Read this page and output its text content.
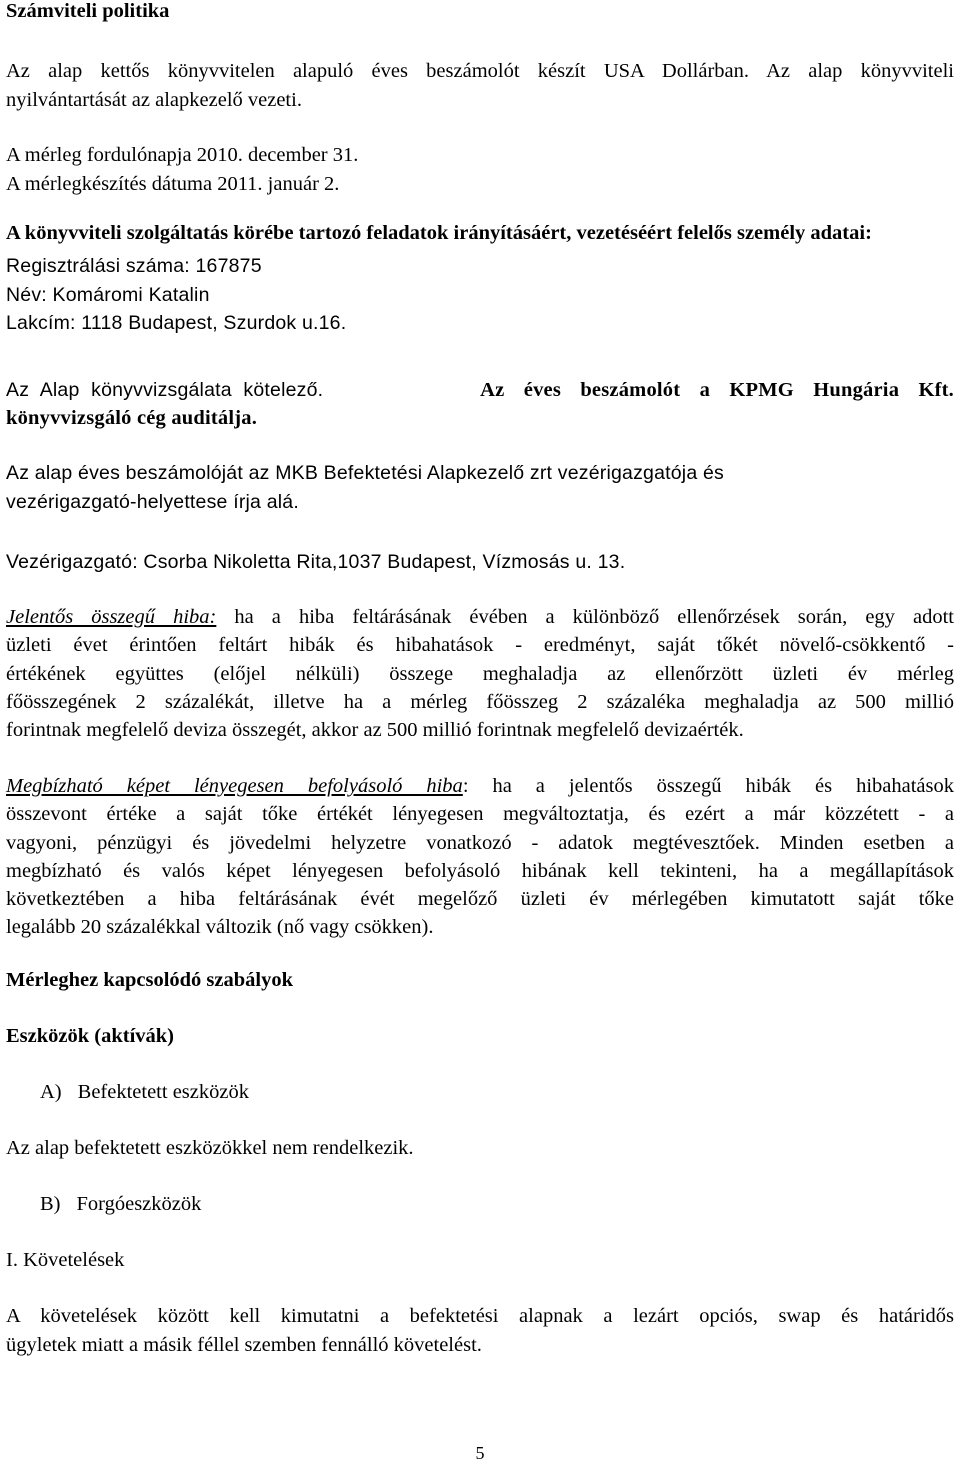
Számviteli politika
Az alap kettős könyvvitelen alapuló éves beszámolót készít USA Dollárban. Az alap könyvviteli
nyilvántartását az alapkezelő vezeti.
A mérleg fordulónapja 2010. december 31.
A mérlegkészítés dátuma 2011. január 2.
A könyvviteli szolgáltatás körébe tartozó feladatok irányításáért, vezetéséért felelős személy adatai:
Regisztrálási száma: 167875
Név: Komáromi Katalin
Lakcím: 1118 Budapest, Szurdok u.16.
Az Alap könyvvizsgálata kötelező.	Az éves beszámolót a KPMG Hungária Kft.
könyvvizsgáló cég auditálja.
Az alap éves beszámolóját az MKB Befektetési Alapkezelő zrt vezérigazgatója és
vezérigazgató-helyettese írja alá.
Vezérigazgató: Csorba Nikoletta Rita,1037 Budapest, Vízmosás u. 13.
Jelentős összegű hiba: ha a hiba feltárásának évében a különböző ellenőrzések során, egy adott
üzleti évet érintően feltárt hibák és hibahatások - eredményt, saját tőkét növelő-csökkentő -
értékének együttes (előjel nélküli) összege meghaladja az ellenőrzött üzleti év mérleg
főösszegének 2 százalékát, illetve ha a mérleg főösszeg 2 százaléka meghaladja az 500 millió
forintnak megfelelő deviza összegét, akkor az 500 millió forintnak megfelelő devizaérték.
Megbízható képet lényegesen befolyásoló hiba: ha a jelentős összegű hibák és hibahatások
összevont értéke a saját tőke értékét lényegesen megváltoztatja, és ezért a már közzétett - a
vagyoni, pénzügyi és jövedelmi helyzetre vonatkozó - adatok megtévesztőek. Minden esetben a
megbízható és valós képet lényegesen befolyásoló hibának kell tekinteni, ha a megállapítások
következtében a hiba feltárásának évét megelőző üzleti év mérlegében kimutatott saját tőke
legalább 20 százalékkal változik (nő vagy csökken).
Mérleghez kapcsolódó szabályok
Eszközök (aktívák)
A) Befektetett eszközök
Az alap befektetett eszközökkel nem rendelkezik.
B) Forgóeszközök
I. Követelések
A követelések között kell kimutatni a befektetési alapnak a lezárt opciós, swap és határidős
ügyletek miatt a másik féllel szemben fennálló követelést.
5
